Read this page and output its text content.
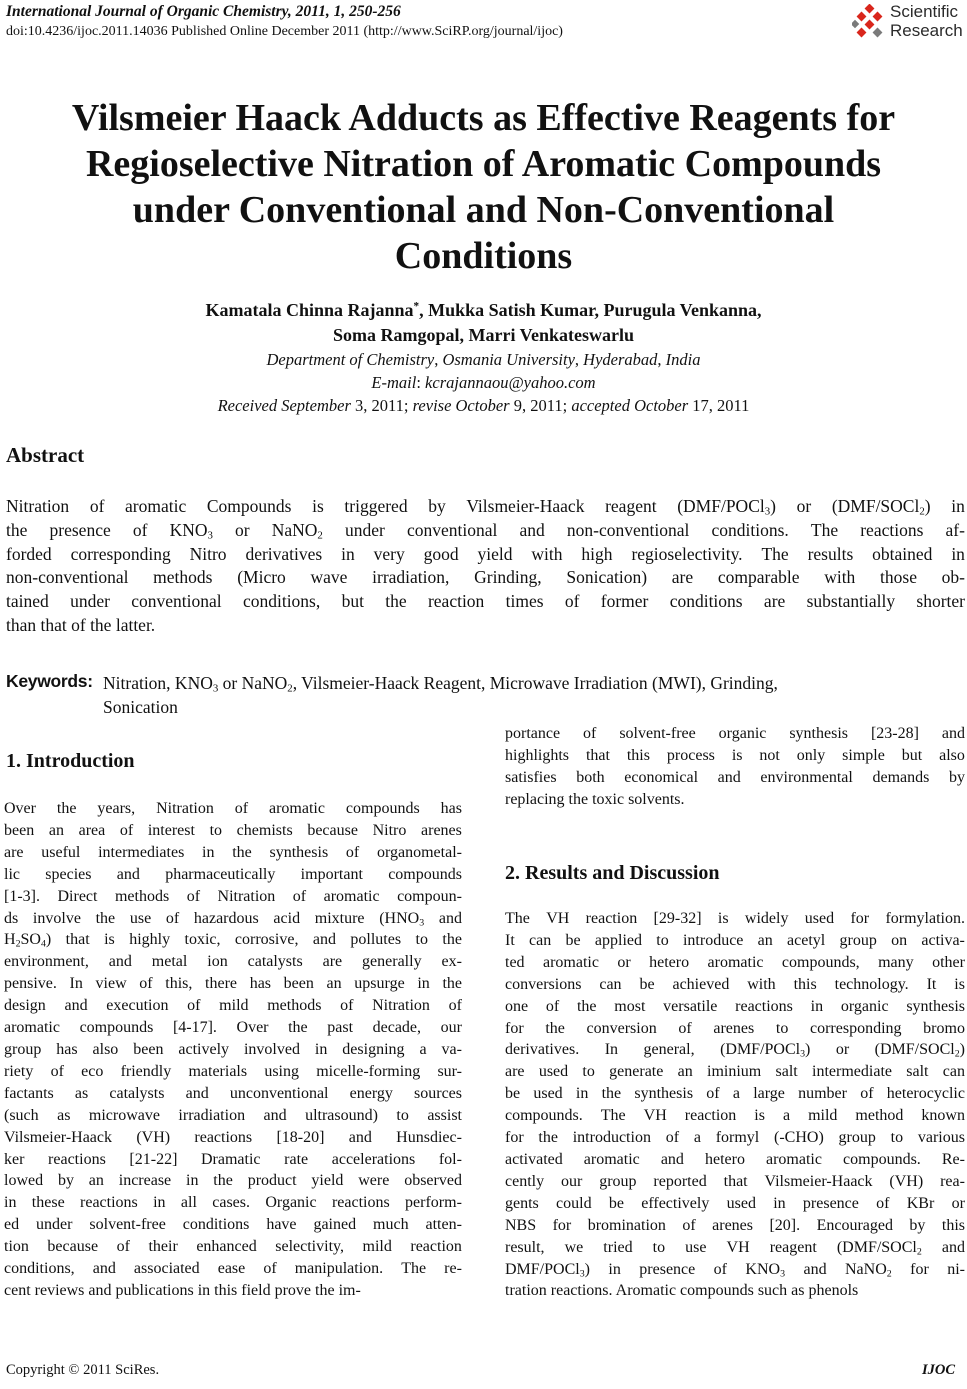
International Journal of Organic Chemistry, 2011, 1, 250-256
doi:10.4236/ijoc.2011.14036 Published Online December 2011 (http://www.SciRP.org/journal/ijoc)
Scientific
Research
Vilsmeier Haack Adducts as Effective Reagents for
Regioselective Nitration of Aromatic Compounds
under Conventional and Non-Conventional
Conditions
Kamatala Chinna Rajanna*, Mukka Satish Kumar, Purugula Venkanna,
Soma Ramgopal, Marri Venkateswarlu
Department of Chemistry, Osmania University, Hyderabad, India
E-mail: kcrajannaou@yahoo.com
Received September 3, 2011; revise October 9, 2011; accepted October 17, 2011
Abstract
Nitration of aromatic Compounds is triggered by Vilsmeier-Haack reagent (DMF/POCl$_3$) or (DMF/SOCl$_2$) in
the presence of $KNO_3$ or NaNO$_2$ under conventional and non-conventional conditions. The reactions af-
forded corresponding Nitro derivatives in very good yield with high regioselectivity. The results obtained in
non-conventional methods (Micro wave irradiation, Grinding, Sonication) are comparable with those ob-
tained under conventional conditions, but the reaction times of former conditions are substantially shorter
than that of the latter.
Keywords: Nitration, $KNO_3$ or NaNO$_2$, Vilsmeier-Haack Reagent, Microwave Irradiation (MWI), Grinding,
Sonication
1. Introduction
Over the years, Nitration of aromatic compounds has
been an area of interest to chemists because Nitro arenes
are useful intermediates in the synthesis of organometal-
lic species and pharmaceutically important compounds
[1-3]. Direct methods of Nitration of aromatic compoun-
ds involve the use of hazardous acid mixture ($HNO_3$ and
$H_2SO_4$) that is highly toxic, corrosive, and pollutes to the
environment, and metal ion catalysts are generally ex-
pensive. In view of this, there has been an upsurge in the
design and execution of mild methods of Nitration of
aromatic compounds [4-17]. Over the past decade, our
group has also been actively involved in designing a va-
riety of eco friendly materials using micelle-forming sur-
factants as catalysts and unconventional energy sources
(such as microwave irradiation and ultrasound) to assist
Vilsmeier-Haack (VH) reactions [18-20] and Hunsdiec-
ker reactions [21-22] Dramatic rate accelerations fol-
lowed by an increase in the product yield were observed
in these reactions in all cases. Organic reactions perform-
ed under solvent-free conditions have gained much atten-
tion because of their enhanced selectivity, mild reaction
conditions, and associated ease of manipulation. The re-
cent reviews and publications in this field prove the im-
portance of solvent-free organic synthesis [23-28] and
highlights that this process is not only simple but also
satisfies both economical and environmental demands by
replacing the toxic solvents.
2. Results and Discussion
The VH reaction [29-32] is widely used for formylation.
It can be applied to introduce an acetyl group on activa-
ted aromatic or hetero aromatic compounds, many other
conversions can be achieved with this technology. It is
one of the most versatile reactions in organic synthesis
for the conversion of arenes to corresponding bromo
derivatives. In general, (DMF/POCl$_3$) or (DMF/SOCl$_2$)
are used to generate an iminium salt intermediate salt can
be used in the synthesis of a large number of heterocyclic
compounds. The VH reaction is a mild method known
for the introduction of a formyl (-CHO) group to various
activated aromatic and hetero aromatic compounds. Re-
cently our group reported that Vilsmeier-Haack (VH) rea-
gents could be effectively used in presence of KBr or
NBS for bromination of arenes [20]. Encouraged by this
result, we tried to use VH reagent (DMF/SOCl$_2$ and
DMF/POCl$_3$) in presence of $KNO_3$ and NaNO$_2$ for ni-
tration reactions. Aromatic compounds such as phenols
Copyright © 2011 SciRes.	IJOC
